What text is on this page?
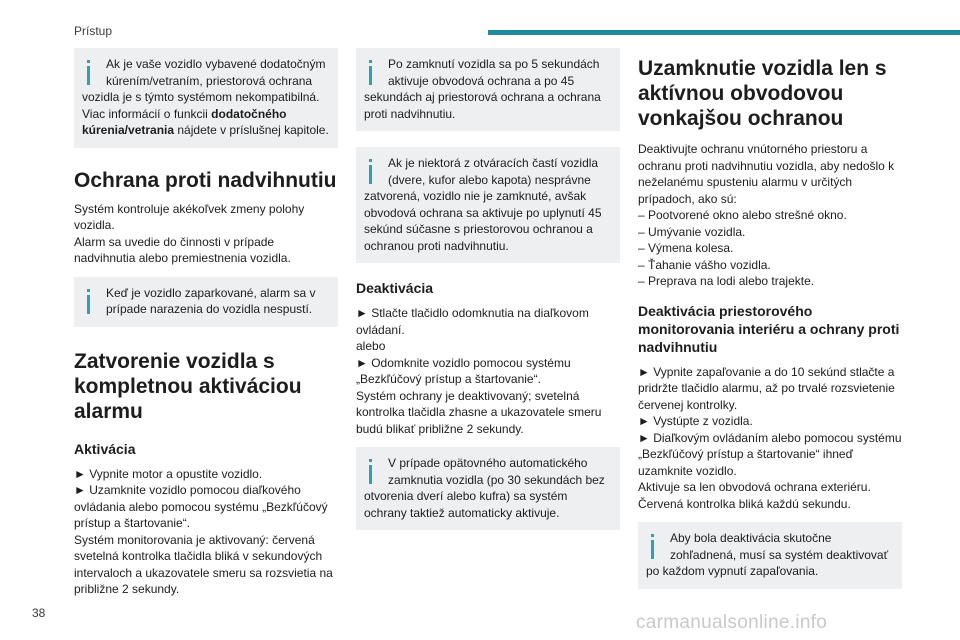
Prístup

Ak je vaše vozidlo vybavené dodatočným kúrením/vetraním, priestorová ochrana vozidla je s týmto systémom nekompatibilná. Viac informácií o funkcii dodatočného kúrenia/vetrania nájdete v príslušnej kapitole.

Ochrana proti nadvihnutiu

Systém kontroluje akékoľvek zmeny polohy vozidla.
Alarm sa uvedie do činnosti v prípade nadvihnutia alebo premiestnenia vozidla.

Keď je vozidlo zaparkované, alarm sa v prípade narazenia do vozidla nespustí.

Zatvorenie vozidla s kompletnou aktiváciou alarmu
Aktivácia

► Vypnite motor a opustite vozidlo.
► Uzamknite vozidlo pomocou diaľkového ovládania alebo pomocou systému „Bezkľúčový prístup a štartovanie“.
Systém monitorovania je aktivovaný: červená svetelná kontrolka tlačidla bliká v sekundových intervaloch a ukazovatele smeru sa rozsvietia na približne 2 sekundy.

Po zamknutí vozidla sa po 5 sekundách aktivuje obvodová ochrana a po 45 sekundách aj priestorová ochrana a ochrana proti nadvihnutiu.

Ak je niektorá z otváracích častí vozidla (dvere, kufor alebo kapota) nesprávne zatvorená, vozidlo nie je zamknuté, avšak obvodová ochrana sa aktivuje po uplynutí 45 sekúnd súčasne s priestorovou ochranou a ochranou proti nadvihnutiu.

Deaktivácia

► Stlačte tlačidlo odomknutia na diaľkovom ovládaní.
alebo
► Odomknite vozidlo pomocou systému „Bezkľúčový prístup a štartovanie“.
Systém ochrany je deaktivovaný; svetelná kontrolka tlačidla zhasne a ukazovatele smeru budú blikať približne 2 sekundy.

V prípade opätovného automatického zamknutia vozidla (po 30 sekundách bez otvorenia dverí alebo kufra) sa systém ochrany taktiež automaticky aktivuje.

Uzamknutie vozidla len s aktívnou obvodovou vonkajšou ochranou

Deaktivujte ochranu vnútorného priestoru a ochranu proti nadvihnutiu vozidla, aby nedošlo k neželanému spusteniu alarmu v určitých prípadoch, ako sú:
– Pootvorené okno alebo strešné okno.
– Umývanie vozidla.
– Výmena kolesa.
– Ťahanie vášho vozidla.
– Preprava na lodi alebo trajekte.

Deaktivácia priestorového monitorovania interiéru a ochrany proti nadvihnutiu

► Vypnite zapaľovanie a do 10 sekúnd stlačte a pridržte tlačidlo alarmu, až po trvalé rozsvietenie červenej kontrolky.
► Vystúpte z vozidla.
► Diaľkovým ovládaním alebo pomocou systému „Bezkľúčový prístup a štartovanie“ ihneď uzamknite vozidlo.
Aktivuje sa len obvodová ochrana exteriéru. Červená kontrolka bliká každú sekundu.

Aby bola deaktivácia skutočne zohľadnená, musí sa systém deaktivovať po každom vypnutí zapaľovania.

38	carmanualsonline.info
